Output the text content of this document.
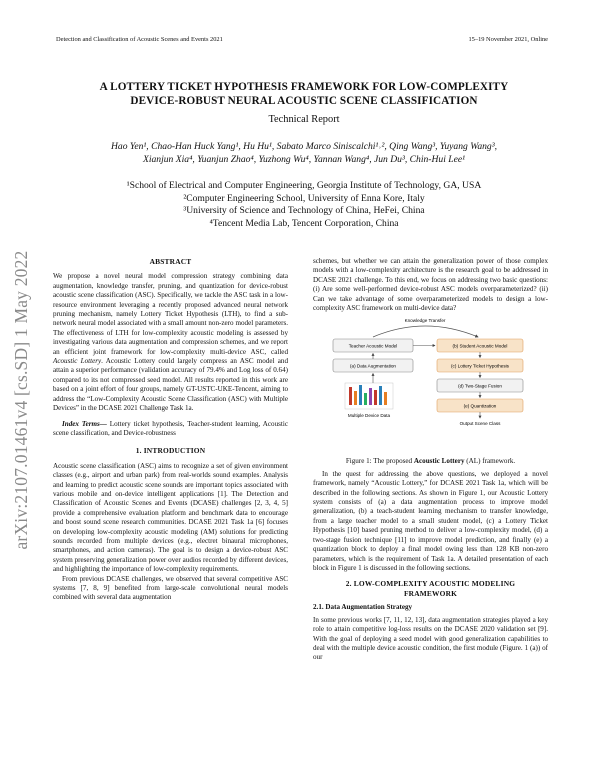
Detection and Classification of Acoustic Scenes and Events 2021	15–19 November 2021, Online
arXiv:2107.01461v4 [cs.SD] 1 May 2022
A LOTTERY TICKET HYPOTHESIS FRAMEWORK FOR LOW-COMPLEXITY
DEVICE-ROBUST NEURAL ACOUSTIC SCENE CLASSIFICATION
Technical Report
Hao Yen¹, Chao-Han Huck Yang¹, Hu Hu¹, Sabato Marco Siniscalchi¹˒², Qing Wang³, Yuyang Wang³,
Xianjun Xia⁴, Yuanjun Zhao⁴, Yuzhong Wu⁴, Yannan Wang⁴, Jun Du³, Chin-Hui Lee¹
¹School of Electrical and Computer Engineering, Georgia Institute of Technology, GA, USA
²Computer Engineering School, University of Enna Kore, Italy
³University of Science and Technology of China, HeFei, China
⁴Tencent Media Lab, Tencent Corporation, China
ABSTRACT

We propose a novel neural model compression strategy combining data augmentation, knowledge transfer, pruning, and quantization for device-robust acoustic scene classification (ASC). Specifically, we tackle the ASC task in a low-resource environment leveraging a recently proposed advanced neural network pruning mechanism, namely Lottery Ticket Hypothesis (LTH), to find a sub-network neural model associated with a small amount non-zero model parameters. The effectiveness of LTH for low-complexity acoustic modeling is assessed by investigating various data augmentation and compression schemes, and we report an efficient joint framework for low-complexity multi-device ASC, called Acoustic Lottery. Acoustic Lottery could largely compress an ASC model and attain a superior performance (validation accuracy of 79.4% and Log loss of 0.64) compared to its not compressed seed model. All results reported in this work are based on a joint effort of four groups, namely GT-USTC-UKE-Tencent, aiming to address the “Low-Complexity Acoustic Scene Classification (ASC) with Multiple Devices” in the DCASE 2021 Challenge Task 1a.

Index Terms— Lottery ticket hypothesis, Teacher-student learning, Acoustic scene classification, and Device-robustness

1. INTRODUCTION

Acoustic scene classification (ASC) aims to recognize a set of given environment classes (e.g., airport and urban park) from real-worlds sound examples. Analysis and learning to predict acoustic scene sounds are important topics associated with various mobile and on-device intelligent applications [1]. The Detection and Classification of Acoustic Scenes and Events (DCASE) challenges [2, 3, 4, 5] provide a comprehensive evaluation platform and benchmark data to encourage and boost sound scene research communities. DCASE 2021 Task 1a [6] focuses on developing low-complexity acoustic modeling (AM) solutions for predicting sounds recorded from multiple devices (e.g., electret binaural microphones, smartphones, and action cameras). The goal is to design a device-robust ASC system preserving generalization power over audios recorded by different devices, and highlighting the importance of low-complexity requirements.

From previous DCASE challenges, we observed that several competitive ASC systems [7, 8, 9] benefited from large-scale convolutional neural models combined with several data augmentation

schemes, but whether we can attain the generalization power of those complex models with a low-complexity architecture is the research goal to be addressed in DCASE 2021 challenge. To this end, we focus on addressing two basic questions: (i) Are some well-performed device-robust ASC models overparameterized? (ii) Can we take advantage of some overparameterized models to design a low-complexity ASC framework on multi-device data?

Knowledge Transfer
Teacher Acoustic Model
(a) Data Augmentation
Multiple Device Data
(b) Student Acoustic Model
(c) Lottery Ticket Hypothesis
(d) Two-Stage Fusion
(e) Quantization
Output Scene Class
Figure 1: The proposed Acoustic Lottery (AL) framework.

In the quest for addressing the above questions, we deployed a novel framework, namely “Acoustic Lottery,” for DCASE 2021 Task 1a, which will be described in the following sections. As shown in Figure 1, our Acoustic Lottery system consists of (a) a data augmentation process to improve model generalization, (b) a teach-student learning mechanism to transfer knowledge, from a large teacher model to a small student model, (c) a Lottery Ticket Hypothesis [10] based pruning method to deliver a low-complexity model, (d) a two-stage fusion technique [11] to improve model prediction, and finally (e) a quantization block to deploy a final model owing less than 128 KB non-zero parameters, which is the requirement of Task 1a. A detailed presentation of each block in Figure 1 is discussed in the following sections.

2. LOW-COMPLEXITY ACOUSTIC MODELING
FRAMEWORK
2.1. Data Augmentation Strategy

In some previous works [7, 11, 12, 13], data augmentation strategies played a key role to attain competitive log-loss results on the DCASE 2020 validation set [9]. With the goal of deploying a seed model with good generalization capabilities to deal with the multiple device acoustic condition, the first module (Figure. 1 (a)) of our
